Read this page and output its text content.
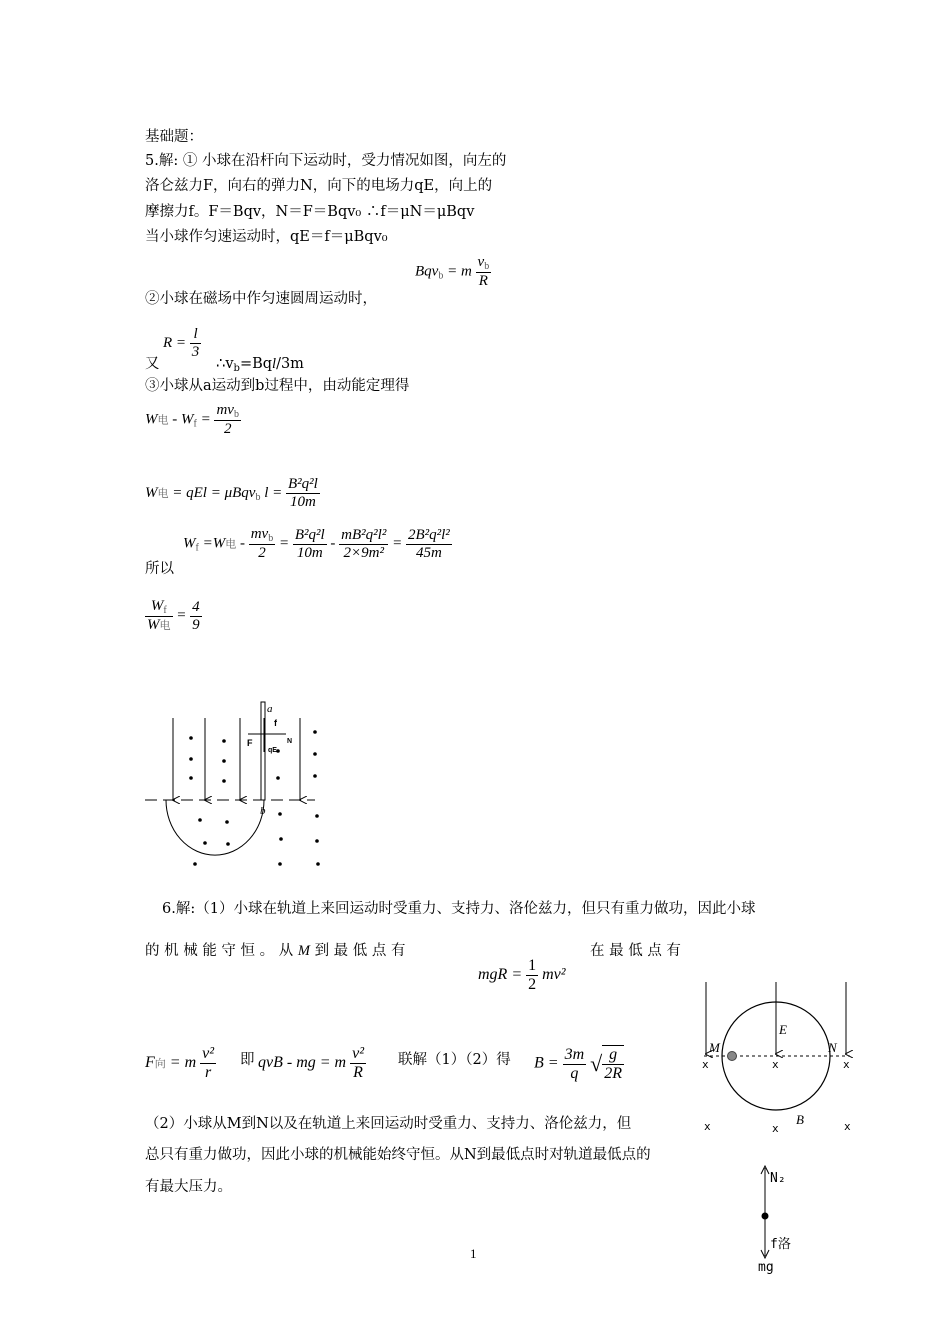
基础题：
5.解: ① 小球在沿杆向下运动时，受力情况如图，向左的
洛仑兹力F，向右的弹力N，向下的电场力qE，向上的
摩擦力f。F＝Bqv，N＝F＝Bqv₀ ∴f＝μN＝μBqv
当小球作匀速运动时，qE＝f＝μBqv₀
Bqv$_b$ = m $\frac{v_b}{R}$
②小球在磁场中作匀速圆周运动时，
$R = \frac{l}{3}$
又	$\therefore v_b=Bql/3m$
③小球从a运动到b过程中，由动能定理得
W电 - $W_f = \frac{mv_b}{2}$
W电 = qEl = μBqv$_b$ $l = \frac{\text{B²q²l}}{10m}$
$W_f =W$电 - $\frac{mv_b}{2} = \frac{\text{B²q²l}}{10m} - \frac{\text{mB²q²l²}}{\text{2×9m²}} = \frac{\text{2B²q²l²}}{45m}$
所以
$\frac{W_f}{\text{W电}} = \frac{4}{9}$
a
b
F
f
N
qE
6.解:（1）小球在轨道上来回运动时受重力、支持力、洛伦兹力，但只有重力做功，因此小球
的 机 械 能 守 恒 。 从 M 到 最 低 点 有	在 最 低 点 有
mgR = $\frac{1}{2} mv^2$
F向 = m $\frac{\text{v²}}{r}$ 即 qvB - mg = m $\frac{\text{v²}}{R}$ 联解（1）（2）得 $B = \frac{3m}{q}$ √ $\frac{g}{2R}$
（2）小球从M到N以及在轨道上来回运动时受重力、支持力、洛伦兹力，但
总只有重力做功，因此小球的机械能始终守恒。从N到最低点时对轨道最低点的
有最大压力。
E
M	N
B
x	x	x
x	x	x
N₂
f洛
mg
1
